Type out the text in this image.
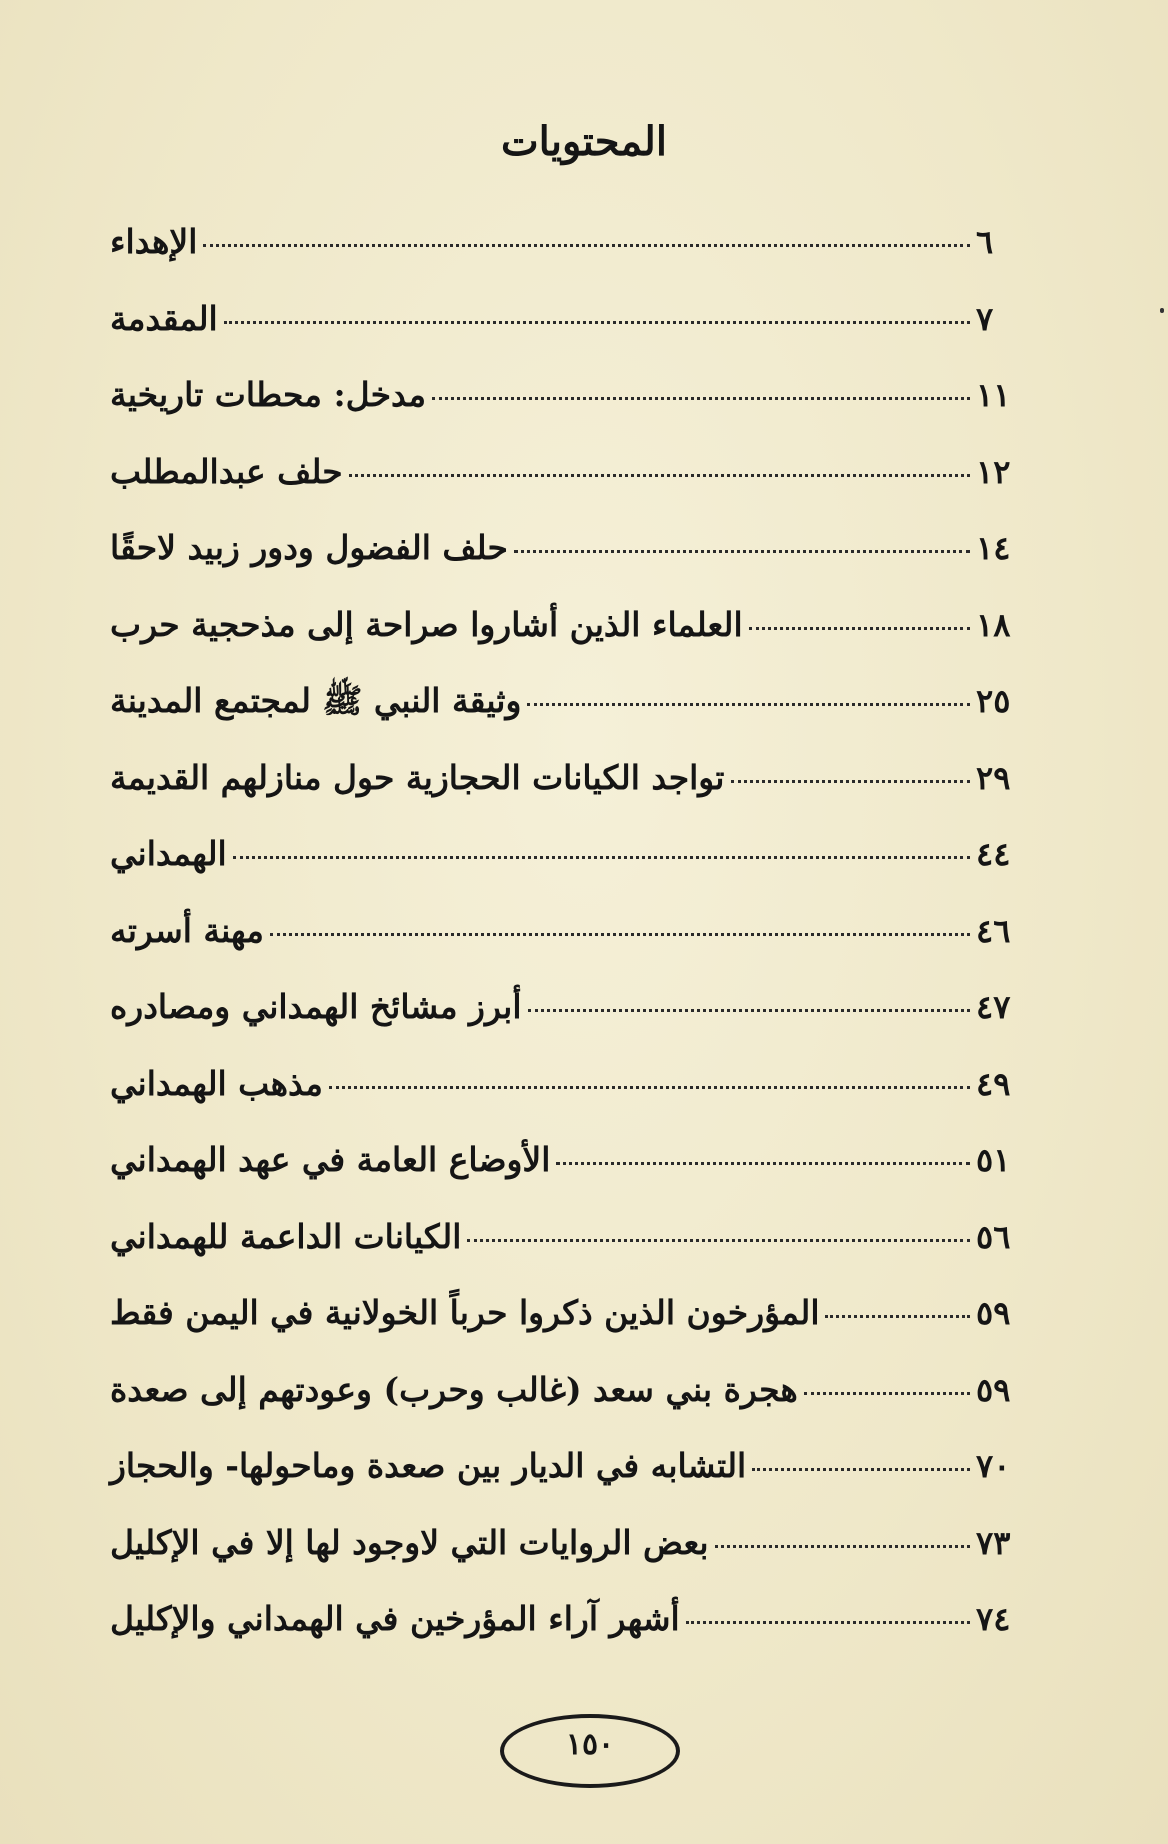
المحتويات
الإهداء	٦
المقدمة	٧
مدخل: محطات تاريخية	١١
حلف عبدالمطلب	١٢
حلف الفضول ودور زبيد لاحقًا	١٤
العلماء الذين أشاروا صراحة إلى مذحجية حرب	١٨
وثيقة النبي ﷺ لمجتمع المدينة	٢٥
تواجد الكيانات الحجازية حول منازلهم القديمة	٢٩
الهمداني	٤٤
مهنة أسرته	٤٦
أبرز مشائخ الهمداني ومصادره	٤٧
مذهب الهمداني	٤٩
الأوضاع العامة في عهد الهمداني	٥١
الكيانات الداعمة للهمداني	٥٦
المؤرخون الذين ذكروا حرباً الخولانية في اليمن فقط	٥٩
هجرة بني سعد (غالب وحرب) وعودتهم إلى صعدة	٥٩
التشابه في الديار بين صعدة وماحولها- والحجاز	٧٠
بعض الروايات التي لاوجود لها إلا في الإكليل	٧٣
أشهر آراء المؤرخين في الهمداني والإكليل	٧٤
١٥٠
